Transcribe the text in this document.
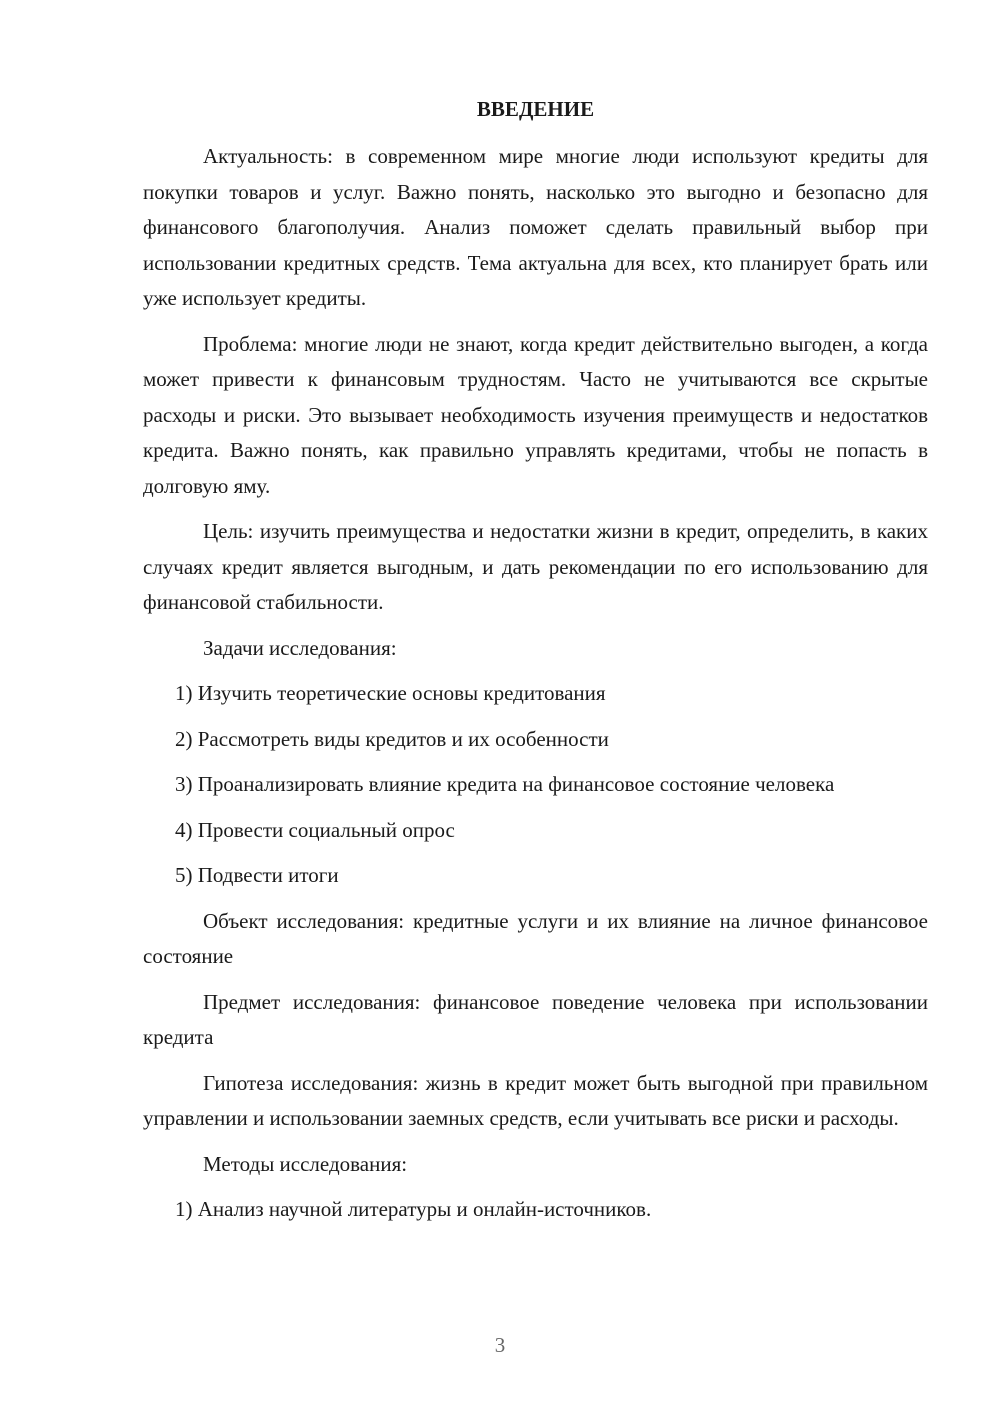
ВВЕДЕНИЕ

Актуальность: в современном мире многие люди используют кредиты для покупки товаров и услуг. Важно понять, насколько это выгодно и безопасно для финансового благополучия. Анализ поможет сделать правильный выбор при использовании кредитных средств. Тема актуальна для всех, кто планирует брать или уже использует кредиты.

Проблема: многие люди не знают, когда кредит действительно выгоден, а когда может привести к финансовым трудностям. Часто не учитываются все скрытые расходы и риски. Это вызывает необходимость изучения преимуществ и недостатков кредита. Важно понять, как правильно управлять кредитами, чтобы не попасть в долговую яму.

Цель: изучить преимущества и недостатки жизни в кредит, определить, в каких случаях кредит является выгодным, и дать рекомендации по его использованию для финансовой стабильности.

Задачи исследования:

1) Изучить теоретические основы кредитования

2) Рассмотреть виды кредитов и их особенности

3) Проанализировать влияние кредита на финансовое состояние человека

4) Провести социальный опрос

5) Подвести итоги

Объект исследования: кредитные услуги и их влияние на личное финансовое состояние

Предмет исследования: финансовое поведение человека при использовании кредита

Гипотеза исследования: жизнь в кредит может быть выгодной при правильном управлении и использовании заемных средств, если учитывать все риски и расходы.

Методы исследования:

1) Анализ научной литературы и онлайн-источников.

3
